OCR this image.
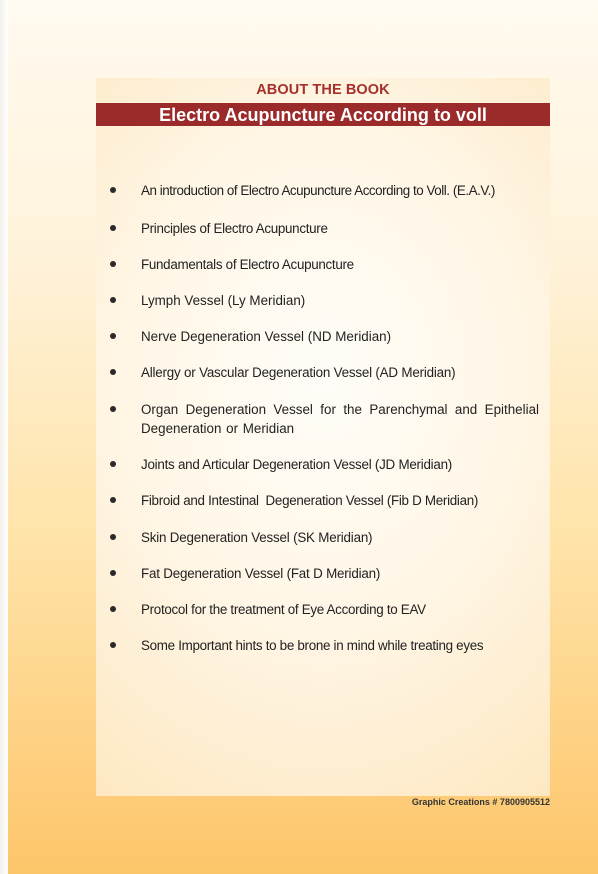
ABOUT THE BOOK
Electro Acupuncture According to voll
An introduction of Electro Acupuncture According to Voll. (E.A.V.)
Principles of Electro Acupuncture
Fundamentals of Electro Acupuncture
Lymph Vessel (Ly Meridian)
Nerve Degeneration Vessel (ND Meridian)
Allergy or Vascular Degeneration Vessel (AD Meridian)
Organ Degeneration Vessel for the Parenchymal and Epithelial Degeneration or Meridian
Joints and Articular Degeneration Vessel (JD Meridian)
Fibroid and Intestinal  Degeneration Vessel (Fib D Meridian)
Skin Degeneration Vessel (SK Meridian)
Fat Degeneration Vessel (Fat D Meridian)
Protocol for the treatment of Eye According to EAV
Some Important hints to be brone in mind while treating eyes
Graphic Creations # 7800905512
